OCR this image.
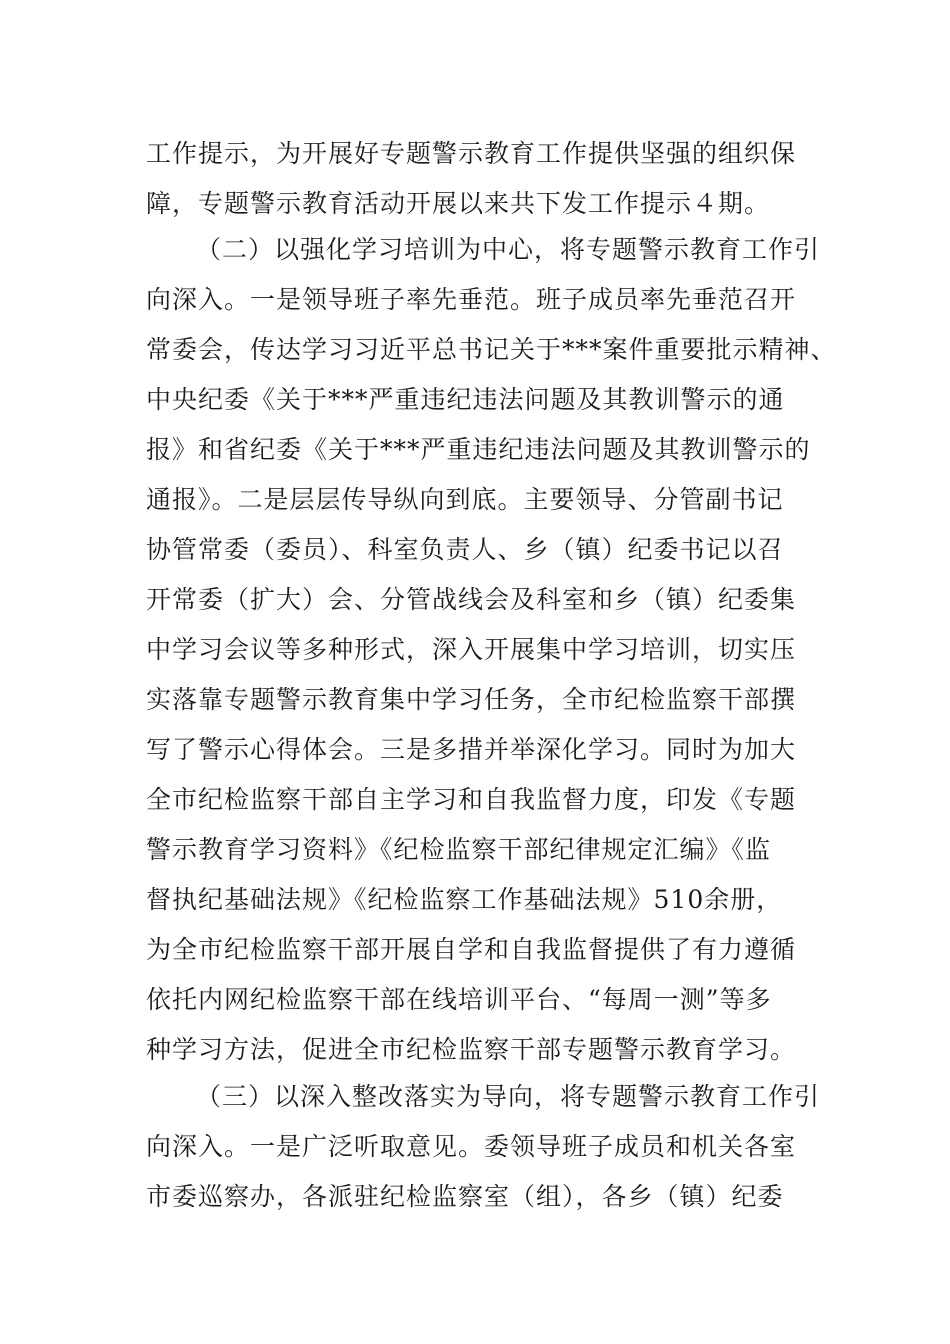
工作提示，为开展好专题警示教育工作提供坚强的组织保
障，专题警示教育活动开展以来共下发工作提示４期。
（二）以强化学习培训为中心，将专题警示教育工作引
向深入。一是领导班子率先垂范。班子成员率先垂范召开
常委会，传达学习习近平总书记关于***案件重要批示精神、
中央纪委《关于***严重违纪违法问题及其教训警示的通
报》和省纪委《关于***严重违纪违法问题及其教训警示的
通报》。二是层层传导纵向到底。主要领导、分管副书记
协管常委（委员）、科室负责人、乡（镇）纪委书记以召
开常委（扩大）会、分管战线会及科室和乡（镇）纪委集
中学习会议等多种形式，深入开展集中学习培训，切实压
实落靠专题警示教育集中学习任务，全市纪检监察干部撰
写了警示心得体会。三是多措并举深化学习。同时为加大
全市纪检监察干部自主学习和自我监督力度，印发《专题
警示教育学习资料》《纪检监察干部纪律规定汇编》《监
督执纪基础法规》《纪检监察工作基础法规》510余册，
为全市纪检监察干部开展自学和自我监督提供了有力遵循
依托内网纪检监察干部在线培训平台、“每周一测”等多
种学习方法，促进全市纪检监察干部专题警示教育学习。
（三）以深入整改落实为导向，将专题警示教育工作引
向深入。一是广泛听取意见。委领导班子成员和机关各室
市委巡察办，各派驻纪检监察室（组），各乡（镇）纪委
